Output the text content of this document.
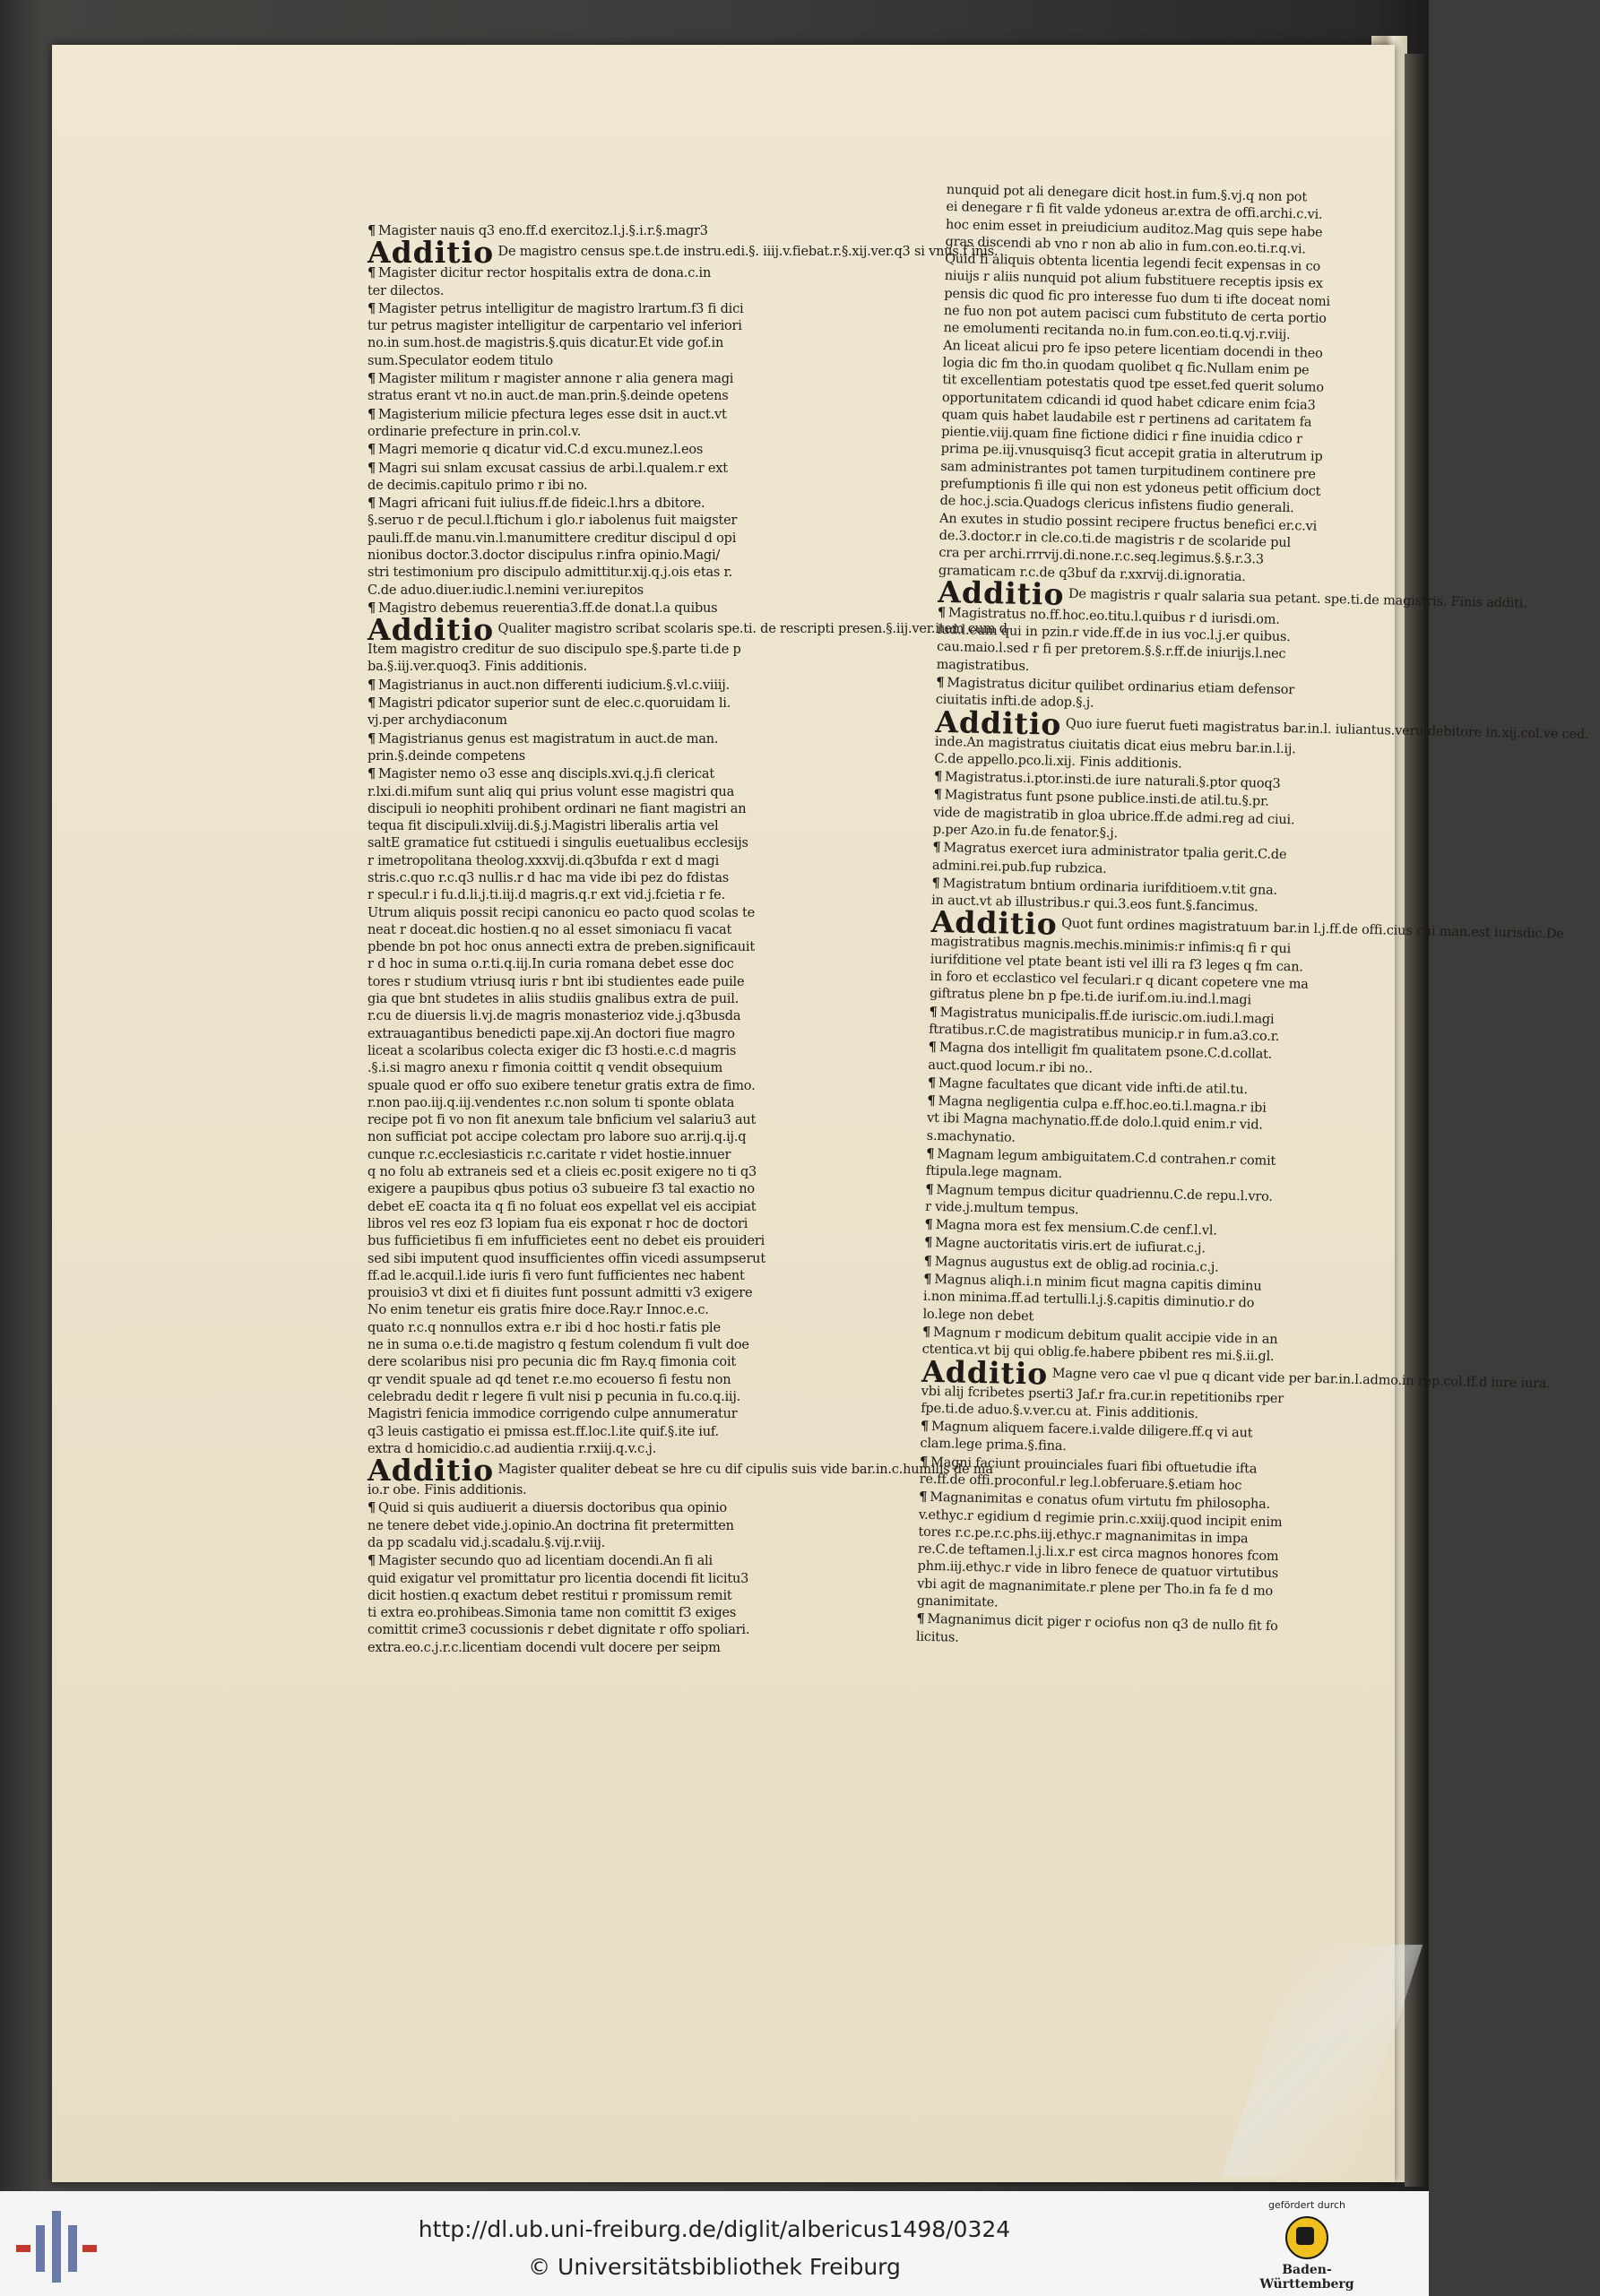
¶ Magister nauis q3 eno.ff.d exercitoz.l.j.§.i.r.§.magr3
Additio De magistro census spe.t.de instru.edi.§. iiij.v.fiebat.r.§.xij.ver.q3 si vnus.f inis.
¶ Magister dicitur rector hospitalis extra de dona.c.in
ter dilectos.
¶ Magister petrus intelligitur de magistro lrartum.f3 fi dici
tur petrus magister intelligitur de carpentario vel inferiori
no.in sum.host.de magistris.§.quis dicatur.Et vide gof.in
sum.Speculator eodem titulo
¶ Magister militum r magister annone r alia genera magi
stratus erant vt no.in auct.de man.prin.§.deinde opetens
¶ Magisterium milicie pfectura leges esse dsit in auct.vt
ordinarie prefecture in prin.col.v.
¶ Magri memorie q dicatur vid.C.d excu.munez.l.eos
¶ Magri sui snlam excusat cassius de arbi.l.qualem.r ext
de decimis.capitulo primo r ibi no.
¶ Magri africani fuit iulius.ff.de fideic.l.hrs a dbitore.
§.seruo r de pecul.l.ftichum i glo.r iabolenus fuit maigster
pauli.ff.de manu.vin.l.manumittere creditur discipul d opi
nionibus doctor.3.doctor discipulus r.infra opinio.Magi/
stri testimonium pro discipulo admittitur.xij.q.j.ois etas r.
C.de aduo.diuer.iudic.l.nemini ver.iurepitos
¶ Magistro debemus reuerentia3.ff.de donat.l.a quibus
Additio Qualiter magistro scribat scolaris spe.ti. de rescripti presen.§.iij.ver.item cum d
Item magistro creditur de suo discipulo spe.§.parte ti.de p
ba.§.iij.ver.quoq3. Finis additionis.
¶ Magistrianus in auct.non differenti iudicium.§.vl.c.viiij.
¶ Magistri pdicator superior sunt de elec.c.quoruidam li.
vj.per archydiaconum
¶ Magistrianus genus est magistratum in auct.de man.
prin.§.deinde competens
¶ Magister nemo o3 esse anq discipls.xvi.q.j.fi clericat
r.lxi.di.mifum sunt aliq qui prius volunt esse magistri qua
discipuli io neophiti prohibent ordinari ne fiant magistri an
tequa fit discipuli.xlviij.di.§.j.Magistri liberalis artia vel
saltE gramatice fut cstituedi i singulis euetualibus ecclesijs
r imetropolitana theolog.xxxvij.di.q3bufda r ext d magi
stris.c.quo r.c.q3 nullis.r d hac ma vide ibi pez do fdistas
r specul.r i fu.d.li.j.ti.iij.d magris.q.r ext vid.j.fcietia r fe.
Utrum aliquis possit recipi canonicu eo pacto quod scolas te
neat r doceat.dic hostien.q no al esset simoniacu fi vacat
pbende bn pot hoc onus annecti extra de preben.significauit
r d hoc in suma o.r.ti.q.iij.In curia romana debet esse doc
tores r studium vtriusq iuris r bnt ibi studientes eade puile
gia que bnt studetes in aliis studiis gnalibus extra de puil.
r.cu de diuersis li.vj.de magris monasterioz vide.j.q3busda
extrauagantibus benedicti pape.xij.An doctori fiue magro
liceat a scolaribus colecta exiger dic f3 hosti.e.c.d magris
.§.i.si magro anexu r fimonia coittit q vendit obsequium
spuale quod er offo suo exibere tenetur gratis extra de fimo.
r.non pao.iij.q.iij.vendentes r.c.non solum ti sponte oblata
recipe pot fi vo non fit anexum tale bnficium vel salariu3 aut
non sufficiat pot accipe colectam pro labore suo ar.rij.q.ij.q
cunque r.c.ecclesiasticis r.c.caritate r videt hostie.innuer
q no folu ab extraneis sed et a clieis ec.posit exigere no ti q3
exigere a paupibus qbus potius o3 subueire f3 tal exactio no
debet eE coacta ita q fi no foluat eos expellat vel eis accipiat
libros vel res eoz f3 lopiam fua eis exponat r hoc de doctori
bus fufficietibus fi em infufficietes eent no debet eis prouideri
sed sibi imputent quod insufficientes offin vicedi assumpserut
ff.ad le.acquil.l.ide iuris fi vero funt fufficientes nec habent
prouisio3 vt dixi et fi diuites funt possunt admitti v3 exigere
No enim tenetur eis gratis fnire doce.Ray.r Innoc.e.c.
quato r.c.q nonnullos extra e.r ibi d hoc hosti.r fatis ple
ne in suma o.e.ti.de magistro q festum colendum fi vult doe
dere scolaribus nisi pro pecunia dic fm Ray.q fimonia coit
qr vendit spuale ad qd tenet r.e.mo ecouerso fi festu non
celebradu dedit r legere fi vult nisi p pecunia in fu.co.q.iij.
Magistri fenicia immodice corrigendo culpe annumeratur
q3 leuis castigatio ei pmissa est.ff.loc.l.ite quif.§.ite iuf.
extra d homicidio.c.ad audientia r.rxiij.q.v.c.j.
Additio Magister qualiter debeat se hre cu dif cipulis suis vide bar.in.c.humilis de ma
io.r obe. Finis additionis.
¶ Quid si quis audiuerit a diuersis doctoribus qua opinio
ne tenere debet vide.j.opinio.An doctrina fit pretermitten
da pp scadalu vid.j.scadalu.§.vij.r.viij.
¶ Magister secundo quo ad licentiam docendi.An fi ali
quid exigatur vel promittatur pro licentia docendi fit licitu3
dicit hostien.q exactum debet restitui r promissum remit
ti extra eo.prohibeas.Simonia tame non comittit f3 exiges
comittit crime3 cocussionis r debet dignitate r offo spoliari.
extra.eo.c.j.r.c.licentiam docendi vult docere per seipm
nunquid pot ali denegare dicit host.in fum.§.vj.q non pot
ei denegare r fi fit valde ydoneus ar.extra de offi.archi.c.vi.
hoc enim esset in preiudicium auditoz.Mag quis sepe habe
gras discendi ab vno r non ab alio in fum.con.eo.ti.r.q.vi.
Quid fi aliquis obtenta licentia legendi fecit expensas in co
niuijs r aliis nunquid pot alium fubstituere receptis ipsis ex
pensis dic quod fic pro interesse fuo dum ti ifte doceat nomi
ne fuo non pot autem pacisci cum fubstituto de certa portio
ne emolumenti recitanda no.in fum.con.eo.ti.q.vj.r.viij.
An liceat alicui pro fe ipso petere licentiam docendi in theo
logia dic fm tho.in quodam quolibet q fic.Nullam enim pe
tit excellentiam potestatis quod tpe esset.fed querit solumo
opportunitatem cdicandi id quod habet cdicare enim fcia3
quam quis habet laudabile est r pertinens ad caritatem fa
pientie.viij.quam fine fictione didici r fine inuidia cdico r
prima pe.iij.vnusquisq3 ficut accepit gratia in alterutrum ip
sam administrantes pot tamen turpitudinem continere pre
prefumptionis fi ille qui non est ydoneus petit officium doct
de hoc.j.scia.Quadogs clericus infistens fiudio generali.
An exutes in studio possint recipere fructus benefici er.c.vi
de.3.doctor.r in cle.co.ti.de magistris r de scolaride pul
cra per archi.rrrvij.di.none.r.c.seq.legimus.§.§.r.3.3
gramaticam r.c.de q3buf da r.xxrvij.di.ignoratia.
Additio De magistris r qualr salaria sua petant. spe.ti.de magistris. Finis additi.
¶ Magistratus no.ff.hoc.eo.titu.l.quibus r d iurisdi.om.
iud.l.eum qui in pzin.r vide.ff.de in ius voc.l.j.er quibus.
cau.maio.l.sed r fi per pretorem.§.§.r.ff.de iniurijs.l.nec
magistratibus.
¶ Magistratus dicitur quilibet ordinarius etiam defensor
ciuitatis infti.de adop.§.j.
Additio Quo iure fuerut fueti magistratus bar.in.l. iuliantus.veru debitore in.xij.col.ve ced.
inde.An magistratus ciuitatis dicat eius mebru bar.in.l.ij.
C.de appello.pco.li.xij. Finis additionis.
¶ Magistratus.i.ptor.insti.de iure naturali.§.ptor quoq3
¶ Magistratus funt psone publice.insti.de atil.tu.§.pr.
vide de magistratib in gloa ubrice.ff.de admi.reg ad ciui.
p.per Azo.in fu.de fenator.§.j.
¶ Magratus exercet iura administrator tpalia gerit.C.de
admini.rei.pub.fup rubzica.
¶ Magistratum bntium ordinaria iurifditioem.v.tit gna.
in auct.vt ab illustribus.r qui.3.eos funt.§.fancimus.
Additio Quot funt ordines magistratuum bar.in l.j.ff.de offi.cius cui man.est iurisdic.De
magistratibus magnis.mechis.minimis:r infimis:q fi r qui
iurifditione vel ptate beant isti vel illi ra f3 leges q fm can.
in foro et ecclastico vel feculari.r q dicant copetere vne ma
giftratus plene bn p fpe.ti.de iurif.om.iu.ind.l.magi
¶ Magistratus municipalis.ff.de iuriscic.om.iudi.l.magi
ftratibus.r.C.de magistratibus municip.r in fum.a3.co.r.
¶ Magna dos intelligit fm qualitatem psone.C.d.collat.
auct.quod locum.r ibi no..
¶ Magne facultates que dicant vide infti.de atil.tu.
¶ Magna negligentia culpa e.ff.hoc.eo.ti.l.magna.r ibi
vt ibi Magna machynatio.ff.de dolo.l.quid enim.r vid.
s.machynatio.
¶ Magnam legum ambiguitatem.C.d contrahen.r comit
ftipula.lege magnam.
¶ Magnum tempus dicitur quadriennu.C.de repu.l.vro.
r vide.j.multum tempus.
¶ Magna mora est fex mensium.C.de cenf.l.vl.
¶ Magne auctoritatis viris.ert de iufiurat.c.j.
¶ Magnus augustus ext de oblig.ad rocinia.c.j.
¶ Magnus aliqh.i.n minim ficut magna capitis diminu
i.non minima.ff.ad tertulli.l.j.§.capitis diminutio.r do
lo.lege non debet
¶ Magnum r modicum debitum qualit accipie vide in an
ctentica.vt bij qui oblig.fe.habere pbibent res mi.§.ii.gl.
Additio Magne vero cae vl pue q dicant vide per bar.in.l.admo.in rep.col.ff.d iure iura.
vbi alij fcribetes pserti3 Jaf.r fra.cur.in repetitionibs rper
fpe.ti.de aduo.§.v.ver.cu at. Finis additionis.
¶ Magnum aliquem facere.i.valde diligere.ff.q vi aut
clam.lege prima.§.fina.
¶ Magni faciunt prouinciales fuari fibi oftuetudie ifta
re.ff.de offi.proconful.r leg.l.obferuare.§.etiam hoc
¶ Magnanimitas e conatus ofum virtutu fm philosopha.
v.ethyc.r egidium d regimie prin.c.xxiij.quod incipit enim
tores r.c.pe.r.c.phs.iij.ethyc.r magnanimitas in impa
re.C.de teftamen.l.j.li.x.r est circa magnos honores fcom
phm.iij.ethyc.r vide in libro fenece de quatuor virtutibus
vbi agit de magnanimitate.r plene per Tho.in fa fe d mo
gnanimitate.
¶ Magnanimus dicit piger r ociofus non q3 de nullo fit fo
licitus.
http://dl.ub.uni-freiburg.de/diglit/albericus1498/0324
© Universitätsbibliothek Freiburg
gefördert durch
Baden-Württemberg
